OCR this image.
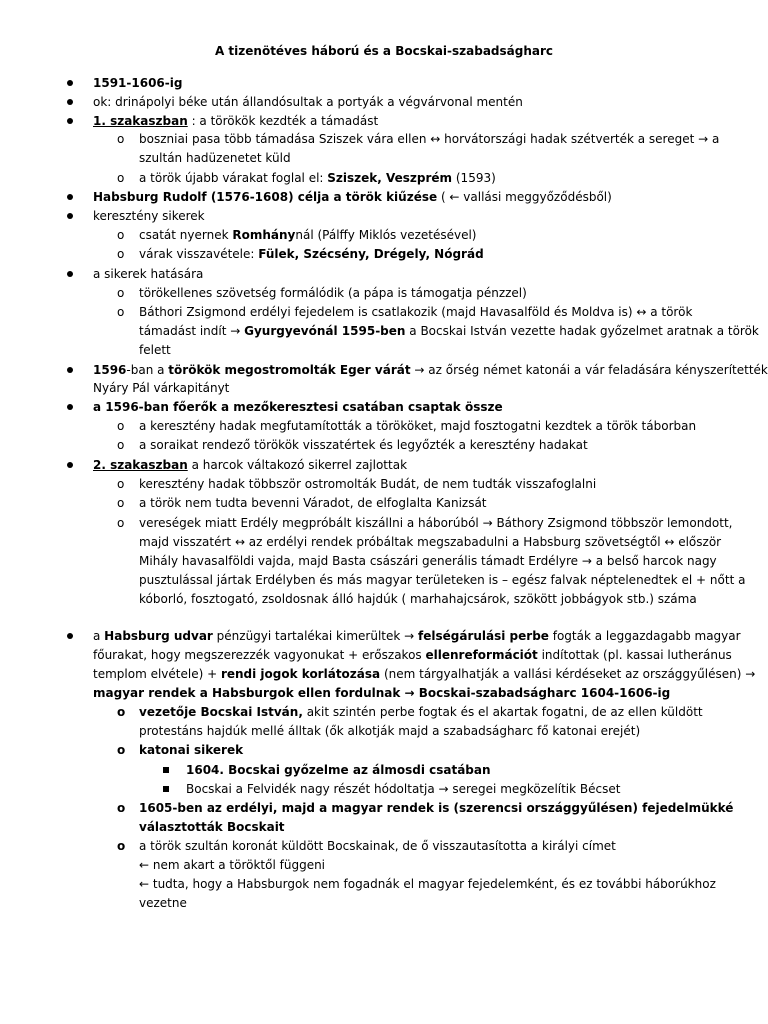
A tizenötéves háború és a Bocskai-szabadságharc
1591-1606-ig
ok: drinápolyi béke után állandósultak a portyák a végvárvonal mentén
1. szakaszban : a törökök kezdték a támadást
o boszniai pasa több támadása Sziszek vára ellen ↔ horvátországi hadak szétverték a sereget → a
szultán hadüzenetet küld
o a török újabb várakat foglal el: Sziszek, Veszprém (1593)
Habsburg Rudolf (1576-1608) célja a török kiűzése ( ← vallási meggyőződésből)
keresztény sikerek
o csatát nyernek Romhánynál (Pálffy Miklós vezetésével)
o várak visszavétele: Fülek, Szécsény, Drégely, Nógrád
a sikerek hatására
o törökellenes szövetség formálódik (a pápa is támogatja pénzzel)
o Báthori Zsigmond erdélyi fejedelem is csatlakozik (majd Havasalföld és Moldva is) ↔ a török
támadást indít → Gyurgyevónál 1595-ben a Bocskai István vezette hadak győzelmet aratnak a török
felett
1596-ban a törökök megostromolták Eger várát → az őrség német katonái a vár feladására kényszerítették
Nyáry Pál várkapitányt
a 1596-ban főerők a mezőkeresztesi csatában csaptak össze
o a keresztény hadak megfutamították a törököket, majd fosztogatni kezdtek a török táborban
o a soraikat rendező törökök visszatértek és legyőzték a keresztény hadakat
2. szakaszban a harcok váltakozó sikerrel zajlottak
o keresztény hadak többször ostromolták Budát, de nem tudták visszafoglalni
o a török nem tudta bevenni Váradot, de elfoglalta Kanizsát
o vereségek miatt Erdély megpróbált kiszállni a háborúból → Báthory Zsigmond többször lemondott,
majd visszatért ↔ az erdélyi rendek próbáltak megszabadulni a Habsburg szövetségtől ↔ először
Mihály havasalföldi vajda, majd Basta császári generális támadt Erdélyre → a belső harcok nagy
pusztulással jártak Erdélyben és más magyar területeken is – egész falvak néptelenedtek el + nőtt a
kóborló, fosztogató, zsoldosnak álló hajdúk ( marhahajcsárok, szökött jobbágyok stb.) száma
a Habsburg udvar pénzügyi tartalékai kimerültek → felségárulási perbe fogták a leggazdagabb magyar
főurakat, hogy megszerezzék vagyonukat + erőszakos ellenreformációt indítottak (pl. kassai lutheránus
templom elvétele) + rendi jogok korlátozása (nem tárgyalhatják a vallási kérdéseket az országgyűlésen) →
magyar rendek a Habsburgok ellen fordulnak → Bocskai-szabadságharc 1604-1606-ig
o vezetője Bocskai István, akit szintén perbe fogtak és el akartak fogatni, de az ellen küldött
protestáns hajdúk mellé álltak (ők alkotják majd a szabadságharc fő katonai erejét)
o katonai sikerek
1604. Bocskai győzelme az álmosdi csatában
Bocskai a Felvidék nagy részét hódoltatja → seregei megközelítik Bécset
o 1605-ben az erdélyi, majd a magyar rendek is (szerencsi országgyűlésen) fejedelmükké
választották Bocskait
o a török szultán koronát küldött Bocskainak, de ő visszautasította a királyi címet
← nem akart a töröktől függeni
← tudta, hogy a Habsburgok nem fogadnák el magyar fejedelemként, és ez további háborúkhoz
vezetne
